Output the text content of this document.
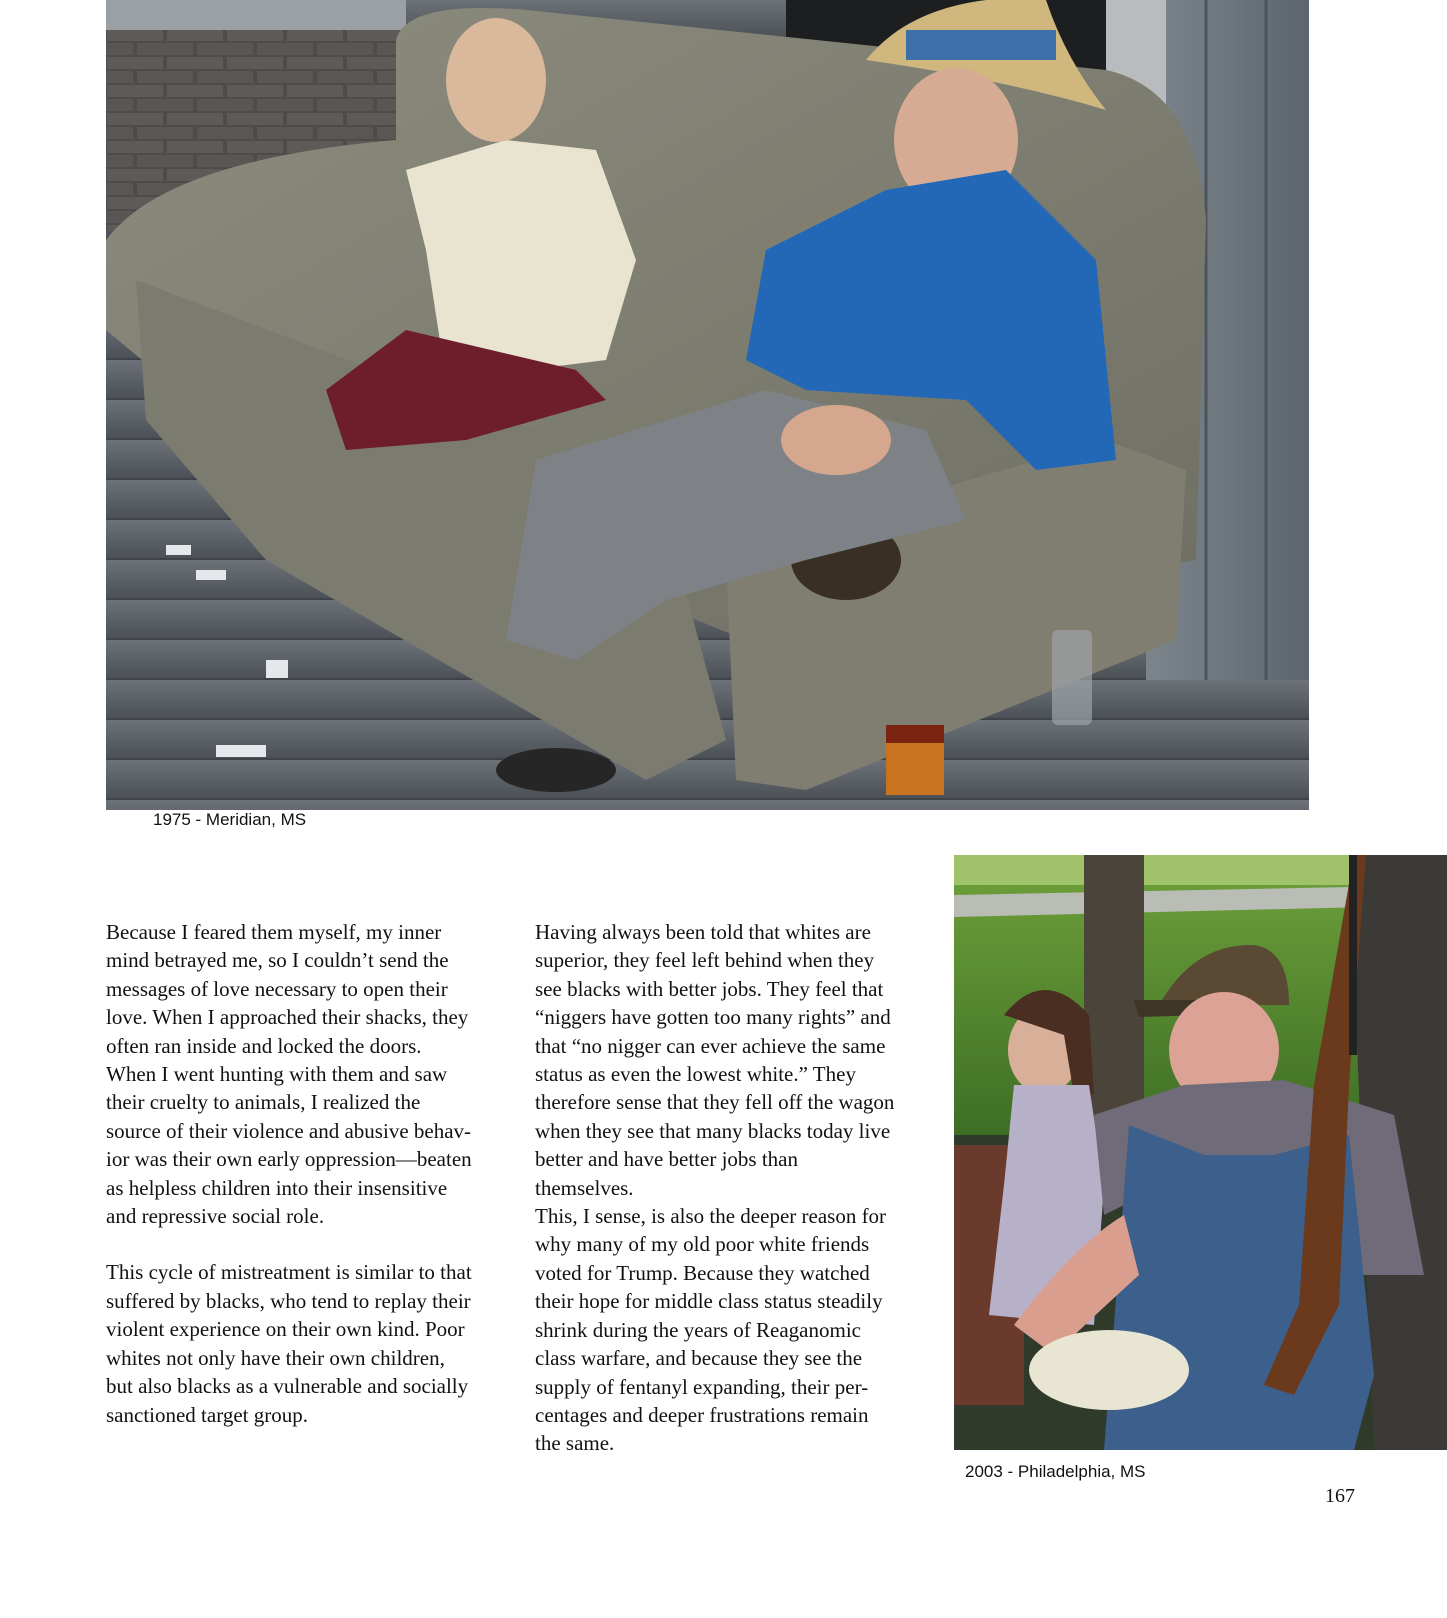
1975 - Meridian, MS
2003 - Philadelphia, MS

Because I feared them myself, my inner
mind betrayed me, so I couldn’t send the
messages of love necessary to open their
love. When I approached their shacks, they
often ran inside and locked the doors.
When I went hunting with them and saw
their cruelty to animals, I realized the
source of their violence and abusive behav-
ior was their own early oppression—beaten
as helpless children into their insensitive
and repressive social role.

This cycle of mistreatment is similar to that
suffered by blacks, who tend to replay their
violent experience on their own kind. Poor
whites not only have their own children,
but also blacks as a vulnerable and socially
sanctioned target group.

Having always been told that whites are
superior, they feel left behind when they
see blacks with better jobs. They feel that
“niggers have gotten too many rights” and
that “no nigger can ever achieve the same
status as even the lowest white.” They
therefore sense that they fell off the wagon
when they see that many blacks today live
better and have better jobs than
themselves.

This, I sense, is also the deeper reason for
why many of my old poor white friends
voted for Trump. Because they watched
their hope for middle class status steadily
shrink during the years of Reaganomic
class warfare, and because they see the
supply of fentanyl expanding, their per-
centages and deeper frustrations remain
the same.

167
